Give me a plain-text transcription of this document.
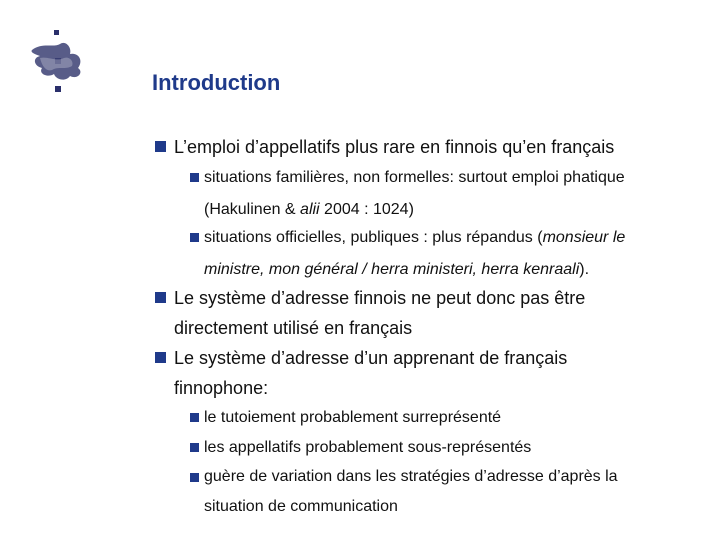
Introduction
L’emploi d’appellatifs plus rare en finnois qu’en français
situations familières, non formelles: surtout emploi phatique
(Hakulinen & alii 2004 : 1024)
situations officielles, publiques : plus répandus (monsieur le
ministre, mon général / herra ministeri, herra kenraali).
Le système d’adresse finnois ne peut donc pas être directement utilisé en français
Le système d’adresse d’un apprenant de français finnophone:
le tutoiement probablement surreprésenté
les appellatifs probablement sous-représentés
guère de variation dans les stratégies d’adresse d’après la situation de communication
